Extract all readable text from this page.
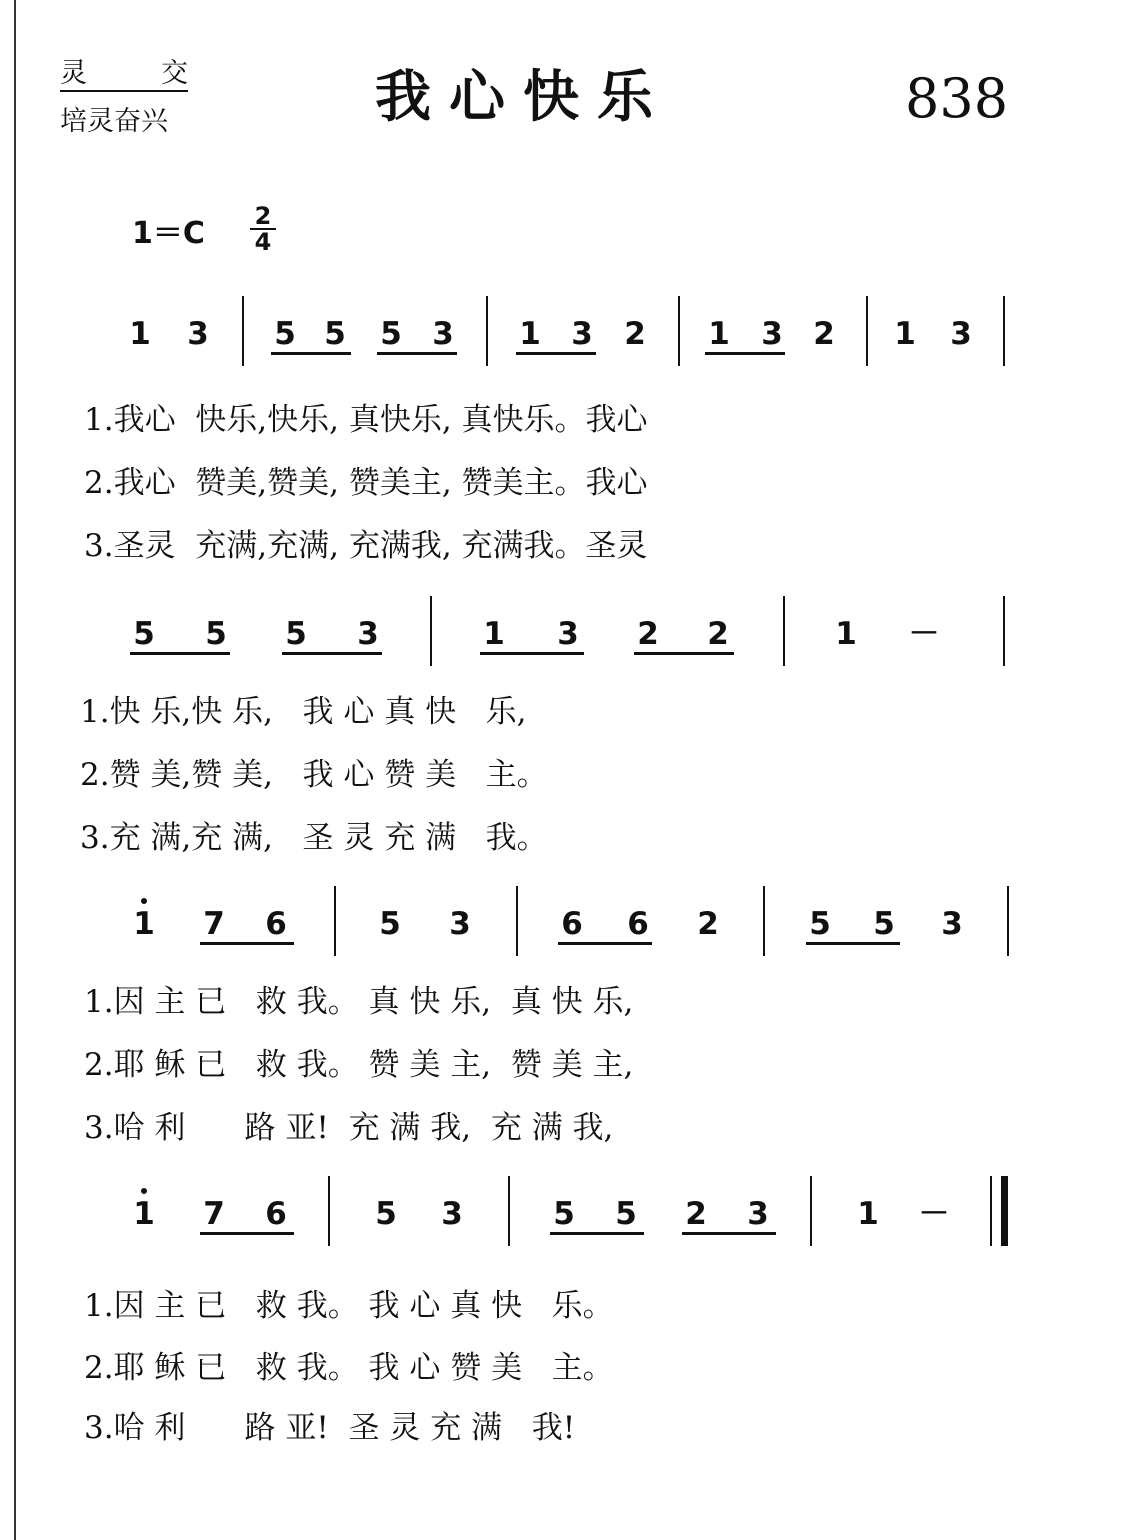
灵	交

培灵奋兴	我心快乐	838
$1=C \frac{2}{4}$
1 3 5 5 5 3 1 3 2 1 3 2 1 3
1.我心  快乐,快乐, 真快乐, 真快乐。我心
2.我心  赞美,赞美, 赞美主, 赞美主。我心
3.圣灵  充满,充满, 充满我, 充满我。圣灵
5 5 5 3	1 3 2 2	1 －
1.快 乐,快 乐,   我 心 真 快   乐,
2.赞 美,赞 美,   我 心 赞 美   主。
3.充 满,充 满,   圣 灵 充 满   我。
1 7 6	5 3	6 6 2	5 5 3
1.因 主 已   救 我。 真 快 乐,  真 快 乐,
2.耶 稣 已   救 我。 赞 美 主,  赞 美 主,
3.哈 利      路 亚!  充 满 我,  充 满 我,
1 7 6	5 3	5 5 2 3	1 －
1.因 主 已   救 我。 我 心 真 快   乐。
2.耶 稣 已   救 我。 我 心 赞 美   主。
3.哈 利      路 亚!  圣 灵 充 满   我!
